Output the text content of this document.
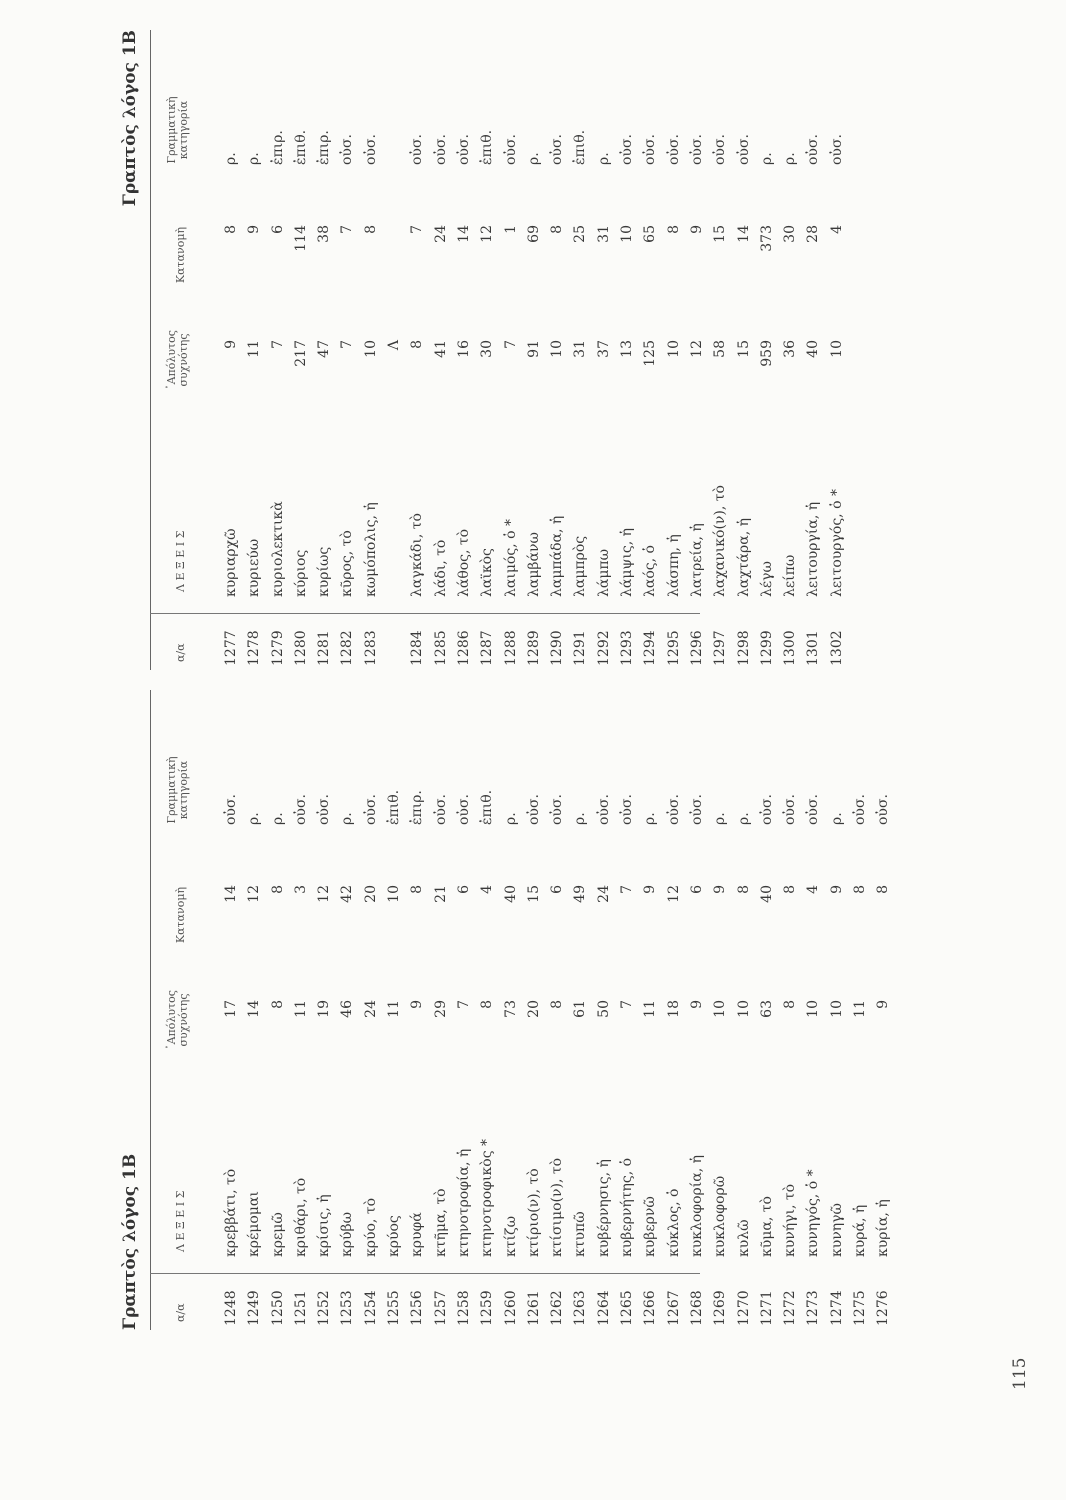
Γραπτὸς λόγος 1Β	α/α
Λ Ε Ξ Ε Ι Σ
᾿Απόλυτος συχνότης
Κατανομὴ
Γραμματικὴ κατηγορία
1248
κρεββάτι, τὸ
17
14
οὐσ.
1249
κρέμομαι
14
12
ρ.
1250
κρεμῶ
8
8
ρ.
1251
κριθάρι, τὸ
11
3
οὐσ.
1252
κρίσις, ἡ
19
12
οὐσ.
1253
κρύβω
46
42
ρ.
1254
κρύο, τὸ
24
20
οὐσ.
1255
κρύος
11
10
ἐπιθ.
1256
κρυφά
9
8
ἐπιρ.
1257
κτῆμα, τὸ
29
21
οὐσ.
1258
κτηνοτροφία, ἡ
7
6
οὐσ.
1259
κτηνοτροφικὸς *
8
4
ἐπιθ.
1260
κτίζω
73
40
ρ.
1261
κτίριο(ν), τὸ
20
15
οὐσ.
1262
κτίσιμο(ν), τὸ
8
6
οὐσ.
1263
κτυπῶ
61
49
ρ.
1264
κυβέρνησις, ἡ
50
24
οὐσ.
1265
κυβερνήτης, ὁ
7
7
οὐσ.
1266
κυβερνῶ
11
9
ρ.
1267
κύκλος, ὁ
18
12
οὐσ.
1268
κυκλοφορία, ἡ
9
6
οὐσ.
1269
κυκλοφορῶ
10
9
ρ.
1270
κυλῶ
10
8
ρ.
1271
κῦμα, τὸ
63
40
οὐσ.
1272
κυνήγι, τὸ
8
8
οὐσ.
1273
κυνηγός, ὁ *
10
4
οὐσ.
1274
κυνηγῶ
10
9
ρ.
1275
κυρά, ἡ
11
8
οὐσ.
1276
κυρία, ἡ
9
8
οὐσ.
Γραπτὸς λόγος 1Β
α/α
Λ Ε Ξ Ε Ι Σ
᾿Απόλυτος συχνότης
Κατανομὴ
Γραμματικὴ κατηγορία
1277
κυριαρχῶ
9
8
ρ.
1278
κυριεύω
11
9
ρ.
1279
κυριολεκτικὰ
7
6
ἐπιρ.
1280
κύριος
217
114
ἐπιθ.
1281
κυρίως
47
38
ἐπιρ.
1282
κῦρος, τὸ
7
7
οὐσ.
1283
κωμόπολις, ἡ
10
8
οὐσ.
Λ
1284
λαγκάδι, τὸ
8
7
οὐσ.
1285
λάδι, τὸ
41
24
οὐσ.
1286
λάθος, τὸ
16
14
οὐσ.
1287
λαϊκὸς
30
12
ἐπιθ.
1288
λαιμός, ὁ *
7
1
οὐσ.
1289
λαμβάνω
91
69
ρ.
1290
λαμπάδα, ἡ
10
8
οὐσ.
1291
λαμπρὸς
31
25
ἐπιθ.
1292
λάμπω
37
31
ρ.
1293
λάμψις, ἡ
13
10
οὐσ.
1294
λαός, ὁ
125
65
οὐσ.
1295
λάσπη, ἡ
10
8
οὐσ.
1296
λατρεία, ἡ
12
9
οὐσ.
1297
λαχανικό(ν), τὸ
58
15
οὐσ.
1298
λαχτάρα, ἡ
15
14
οὐσ.
1299
λέγω
959
373
ρ.
1300
λείπω
36
30
ρ.
1301
λειτουργία, ἡ
40
28
οὐσ.
1302
λειτουργός, ὁ *
10
4
οὐσ.
115
